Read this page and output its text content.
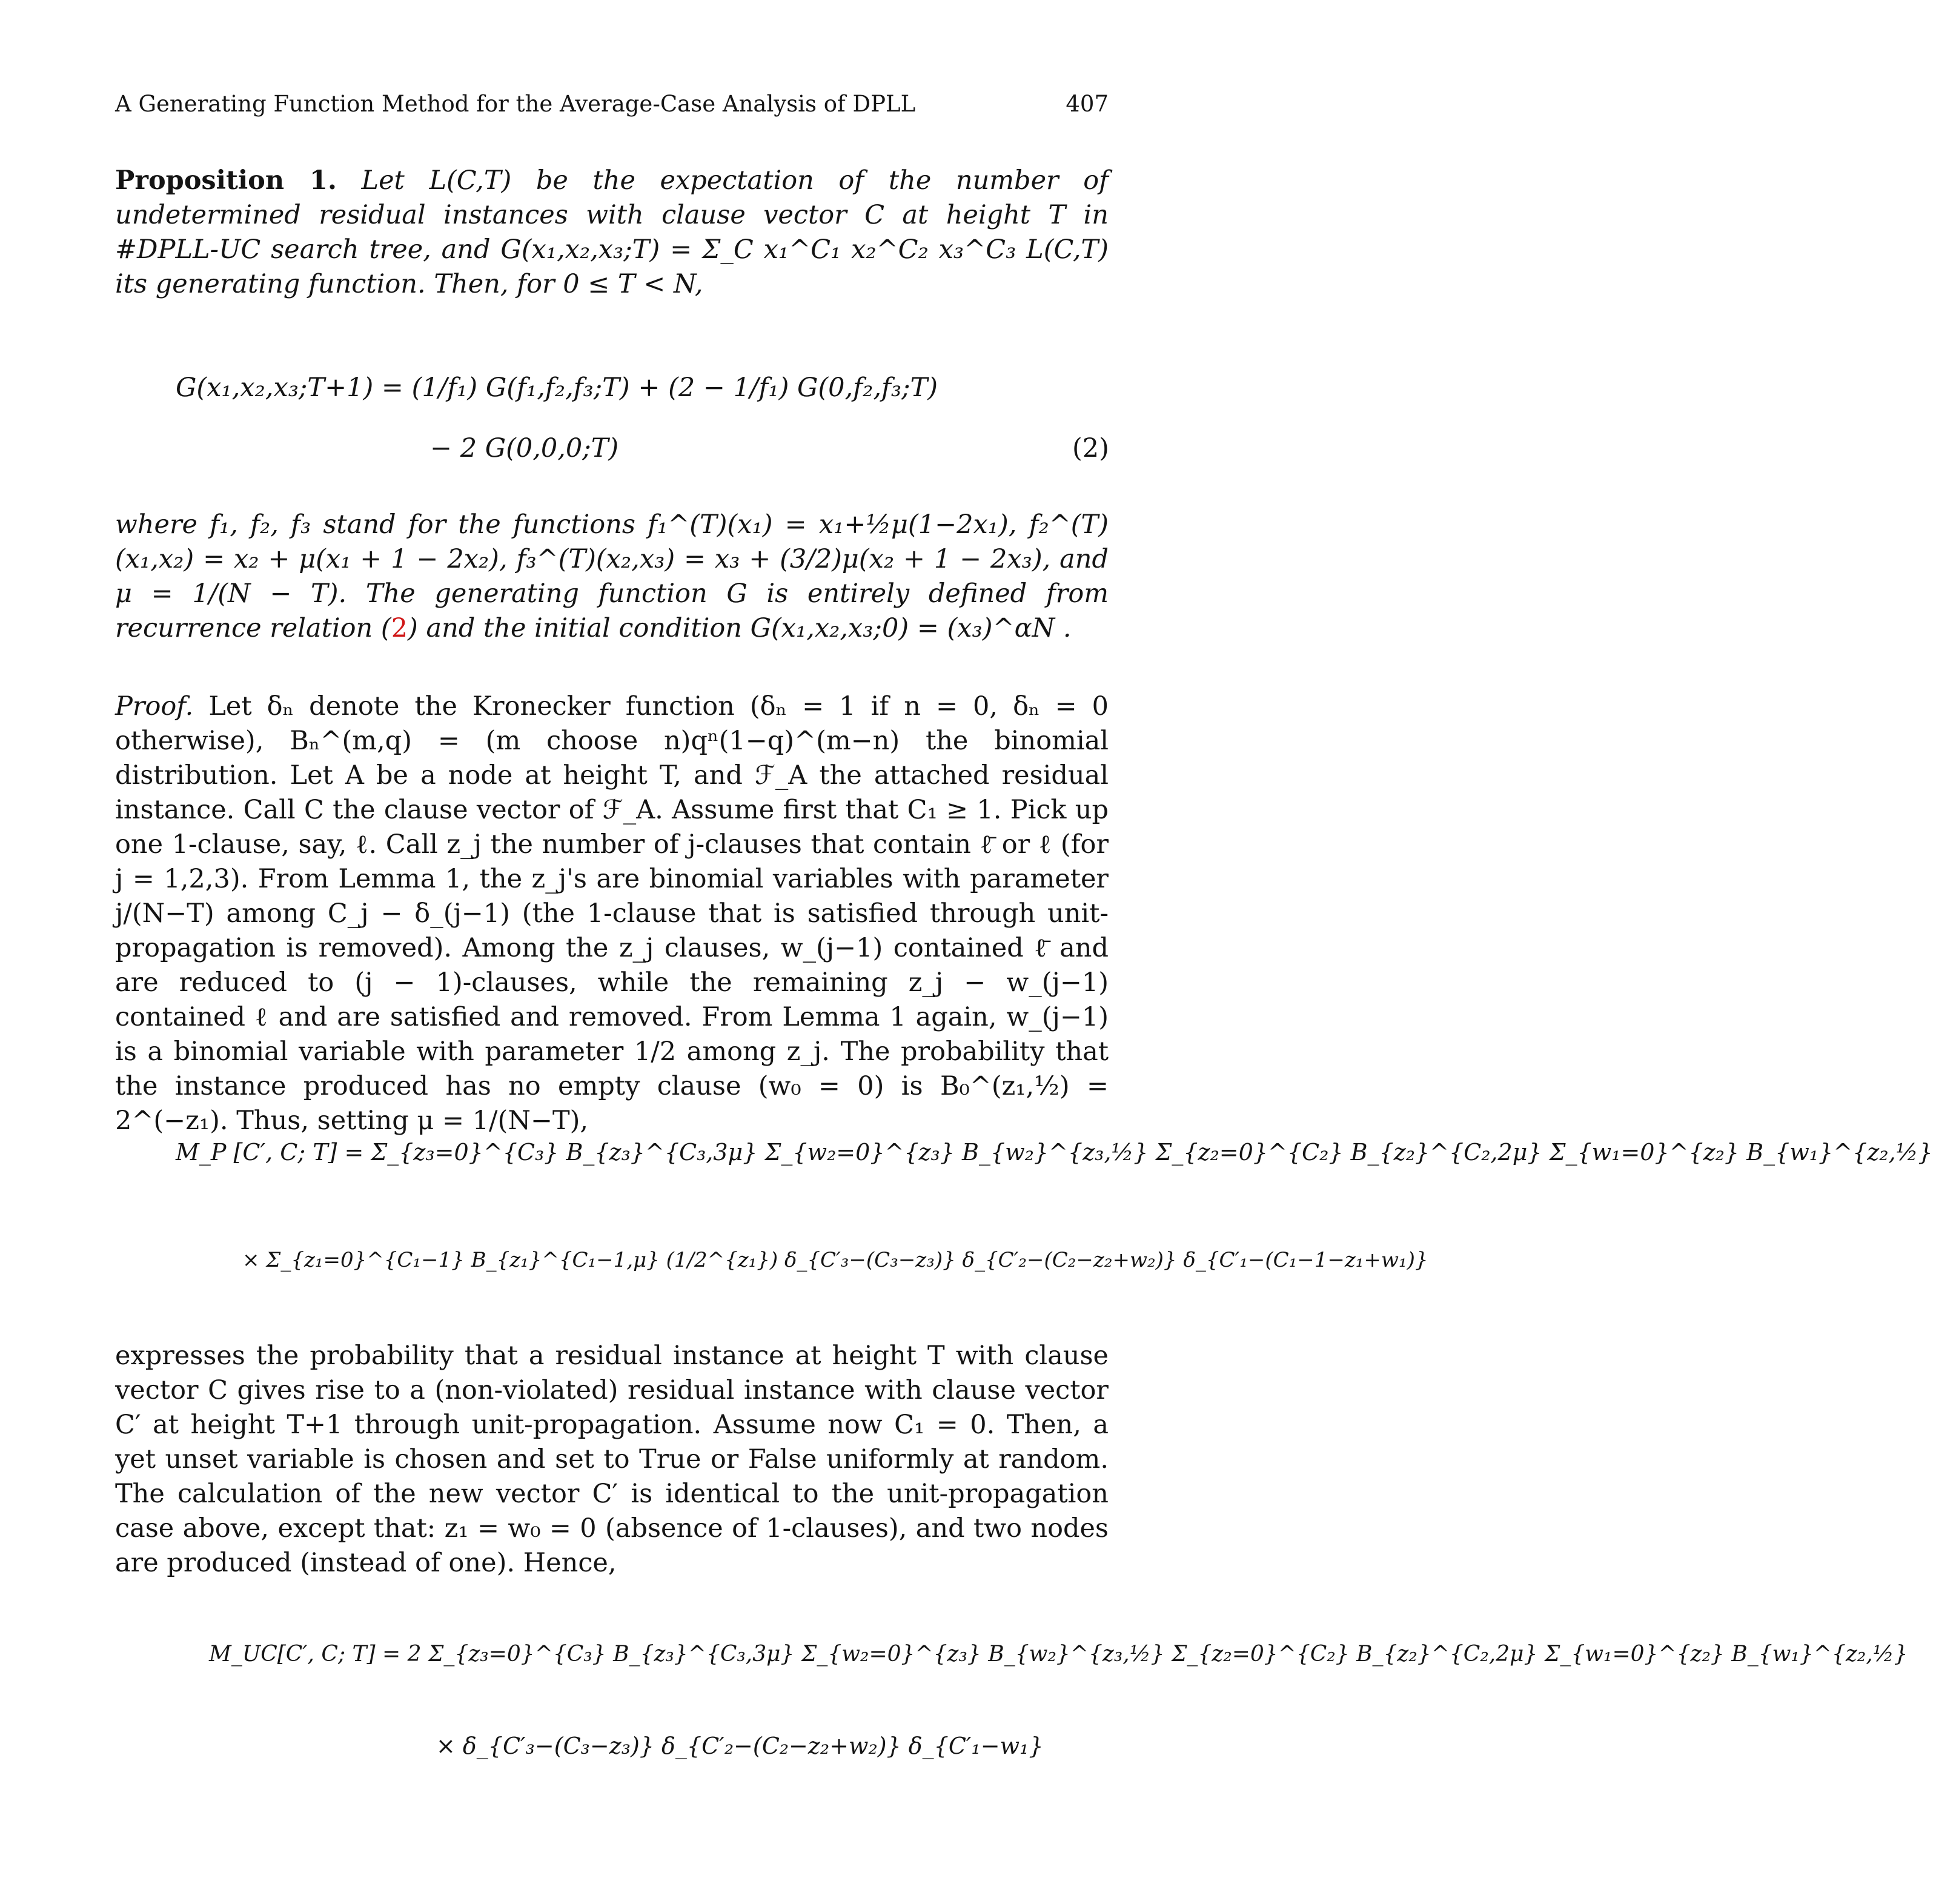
A Generating Function Method for the Average-Case Analysis of DPLL	407

Proposition 1. Let L(C,T) be the expectation of the number of undetermined residual instances with clause vector C at height T in #DPLL-UC search tree, and G(x₁,x₂,x₃;T) = Σ_C x₁^C₁ x₂^C₂ x₃^C₃ L(C,T) its generating function. Then, for 0 ≤ T < N,

G(x₁,x₂,x₃;T+1) = (1/f₁) G(f₁,f₂,f₃;T) + (2 − 1/f₁) G(0,f₂,f₃;T)
− 2 G(0,0,0;T)	(2)

where f₁, f₂, f₃ stand for the functions f₁^(T)(x₁) = x₁+½μ(1−2x₁), f₂^(T)(x₁,x₂) = x₂ + μ(x₁ + 1 − 2x₂), f₃^(T)(x₂,x₃) = x₃ + (3/2)μ(x₂ + 1 − 2x₃), and μ = 1/(N − T). The generating function G is entirely defined from recurrence relation (2) and the initial condition G(x₁,x₂,x₃;0) = (x₃)^αN .

Proof. Let δₙ denote the Kronecker function (δₙ = 1 if n = 0, δₙ = 0 otherwise), Bₙ^(m,q) = (m choose n)qⁿ(1−q)^(m−n) the binomial distribution. Let A be a node at height T, and ℱ_A the attached residual instance. Call C the clause vector of ℱ_A. Assume first that C₁ ≥ 1. Pick up one 1-clause, say, ℓ. Call z_j the number of j-clauses that contain ℓ̄ or ℓ (for j = 1,2,3). From Lemma 1, the z_j's are binomial variables with parameter j/(N−T) among C_j − δ_(j−1) (the 1-clause that is satisfied through unit-propagation is removed). Among the z_j clauses, w_(j−1) contained ℓ̄ and are reduced to (j − 1)-clauses, while the remaining z_j − w_(j−1) contained ℓ and are satisfied and removed. From Lemma 1 again, w_(j−1) is a binomial variable with parameter 1/2 among z_j. The probability that the instance produced has no empty clause (w₀ = 0) is B₀^(z₁,½) = 2^(−z₁). Thus, setting μ = 1/(N−T),

M_P [C′, C; T] = Σ_{z₃=0}^{C₃} B_{z₃}^{C₃,3μ} Σ_{w₂=0}^{z₃} B_{w₂}^{z₃,½} Σ_{z₂=0}^{C₂} B_{z₂}^{C₂,2μ} Σ_{w₁=0}^{z₂} B_{w₁}^{z₂,½}
× Σ_{z₁=0}^{C₁−1} B_{z₁}^{C₁−1,μ} (1/2^{z₁}) δ_{C′₃−(C₃−z₃)} δ_{C′₂−(C₂−z₂+w₂)} δ_{C′₁−(C₁−1−z₁+w₁)}

expresses the probability that a residual instance at height T with clause vector C gives rise to a (non-violated) residual instance with clause vector C′ at height T+1 through unit-propagation. Assume now C₁ = 0. Then, a yet unset variable is chosen and set to True or False uniformly at random. The calculation of the new vector C′ is identical to the unit-propagation case above, except that: z₁ = w₀ = 0 (absence of 1-clauses), and two nodes are produced (instead of one). Hence,

M_UC[C′, C; T] = 2 Σ_{z₃=0}^{C₃} B_{z₃}^{C₃,3μ} Σ_{w₂=0}^{z₃} B_{w₂}^{z₃,½} Σ_{z₂=0}^{C₂} B_{z₂}^{C₂,2μ} Σ_{w₁=0}^{z₂} B_{w₁}^{z₂,½}
× δ_{C′₃−(C₃−z₃)} δ_{C′₂−(C₂−z₂+w₂)} δ_{C′₁−w₁}
